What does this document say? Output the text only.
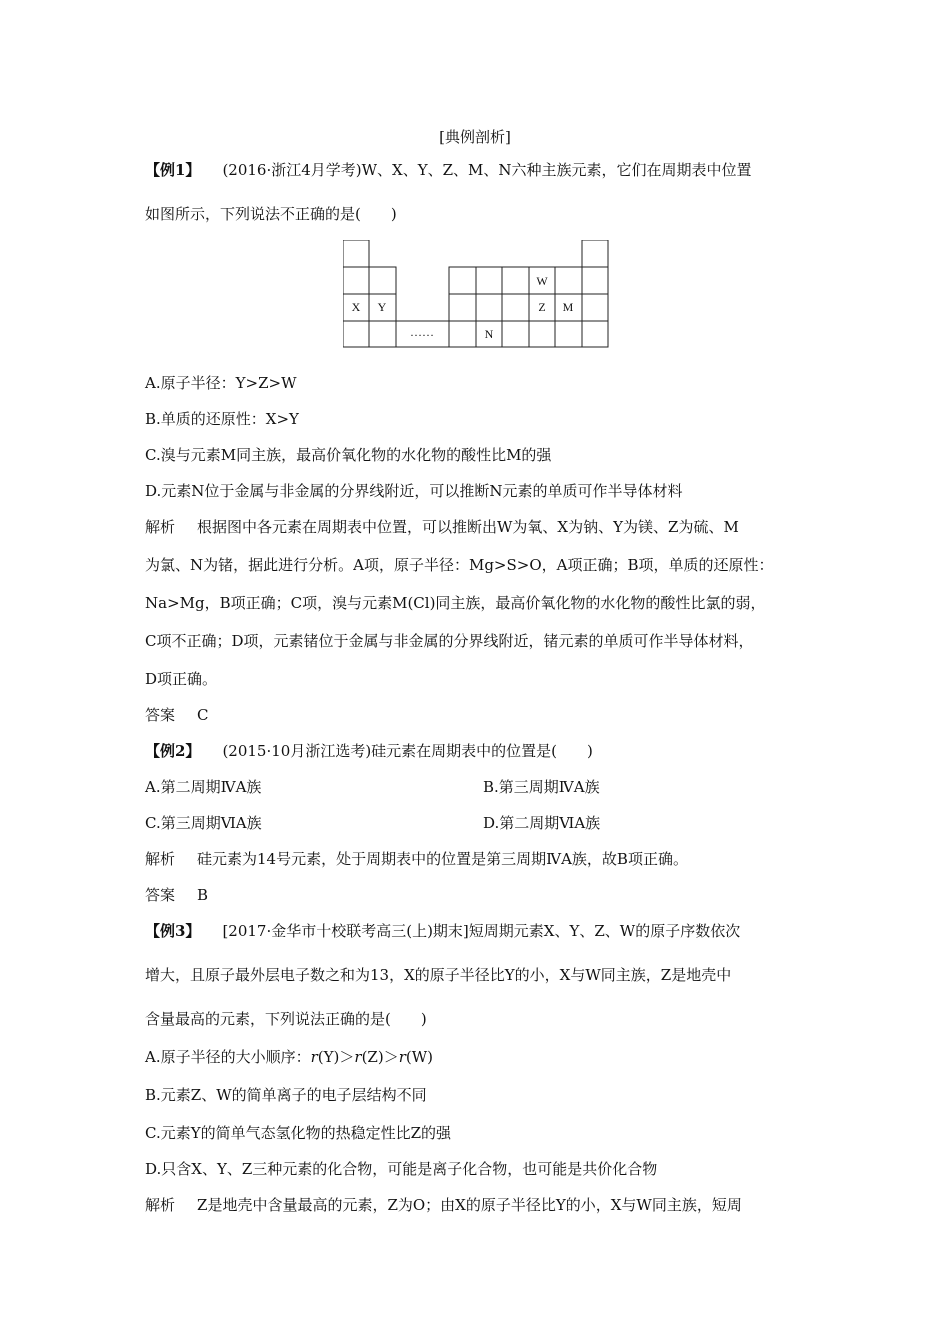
[典例剖析]
【例1】 (2016·浙江4月学考)W、X、Y、Z、M、N六种主族元素，它们在周期表中位置
如图所示，下列说法不正确的是(　　)
W
X Y	Z M
N
……
A.原子半径：Y>Z>W
B.单质的还原性：X>Y
C.溴与元素M同主族，最高价氧化物的水化物的酸性比M的强
D.元素N位于金属与非金属的分界线附近，可以推断N元素的单质可作半导体材料
解析 根据图中各元素在周期表中位置，可以推断出W为氧、X为钠、Y为镁、Z为硫、M
为氯、N为锗，据此进行分析。A项，原子半径：Mg>S>O，A项正确；B项，单质的还原性：
Na>Mg，B项正确；C项，溴与元素M(Cl)同主族，最高价氧化物的水化物的酸性比氯的弱，
C项不正确；D项，元素锗位于金属与非金属的分界线附近，锗元素的单质可作半导体材料，
D项正确。
答案 C
【例2】 (2015·10月浙江选考)硅元素在周期表中的位置是(　　)
A.第二周期ⅣA族	B.第三周期ⅣA族
C.第三周期ⅥA族	D.第二周期ⅥA族
解析 硅元素为14号元素，处于周期表中的位置是第三周期ⅣA族，故B项正确。
答案 B
【例3】 [2017·金华市十校联考高三(上)期末]短周期元素X、Y、Z、W的原子序数依次
增大，且原子最外层电子数之和为13，X的原子半径比Y的小，X与W同主族，Z是地壳中
含量最高的元素，下列说法正确的是(　　)
A.原子半径的大小顺序：r(Y)＞r(Z)＞r(W)
B.元素Z、W的简单离子的电子层结构不同
C.元素Y的简单气态氢化物的热稳定性比Z的强
D.只含X、Y、Z三种元素的化合物，可能是离子化合物，也可能是共价化合物
解析 Z是地壳中含量最高的元素，Z为O；由X的原子半径比Y的小，X与W同主族，短周
